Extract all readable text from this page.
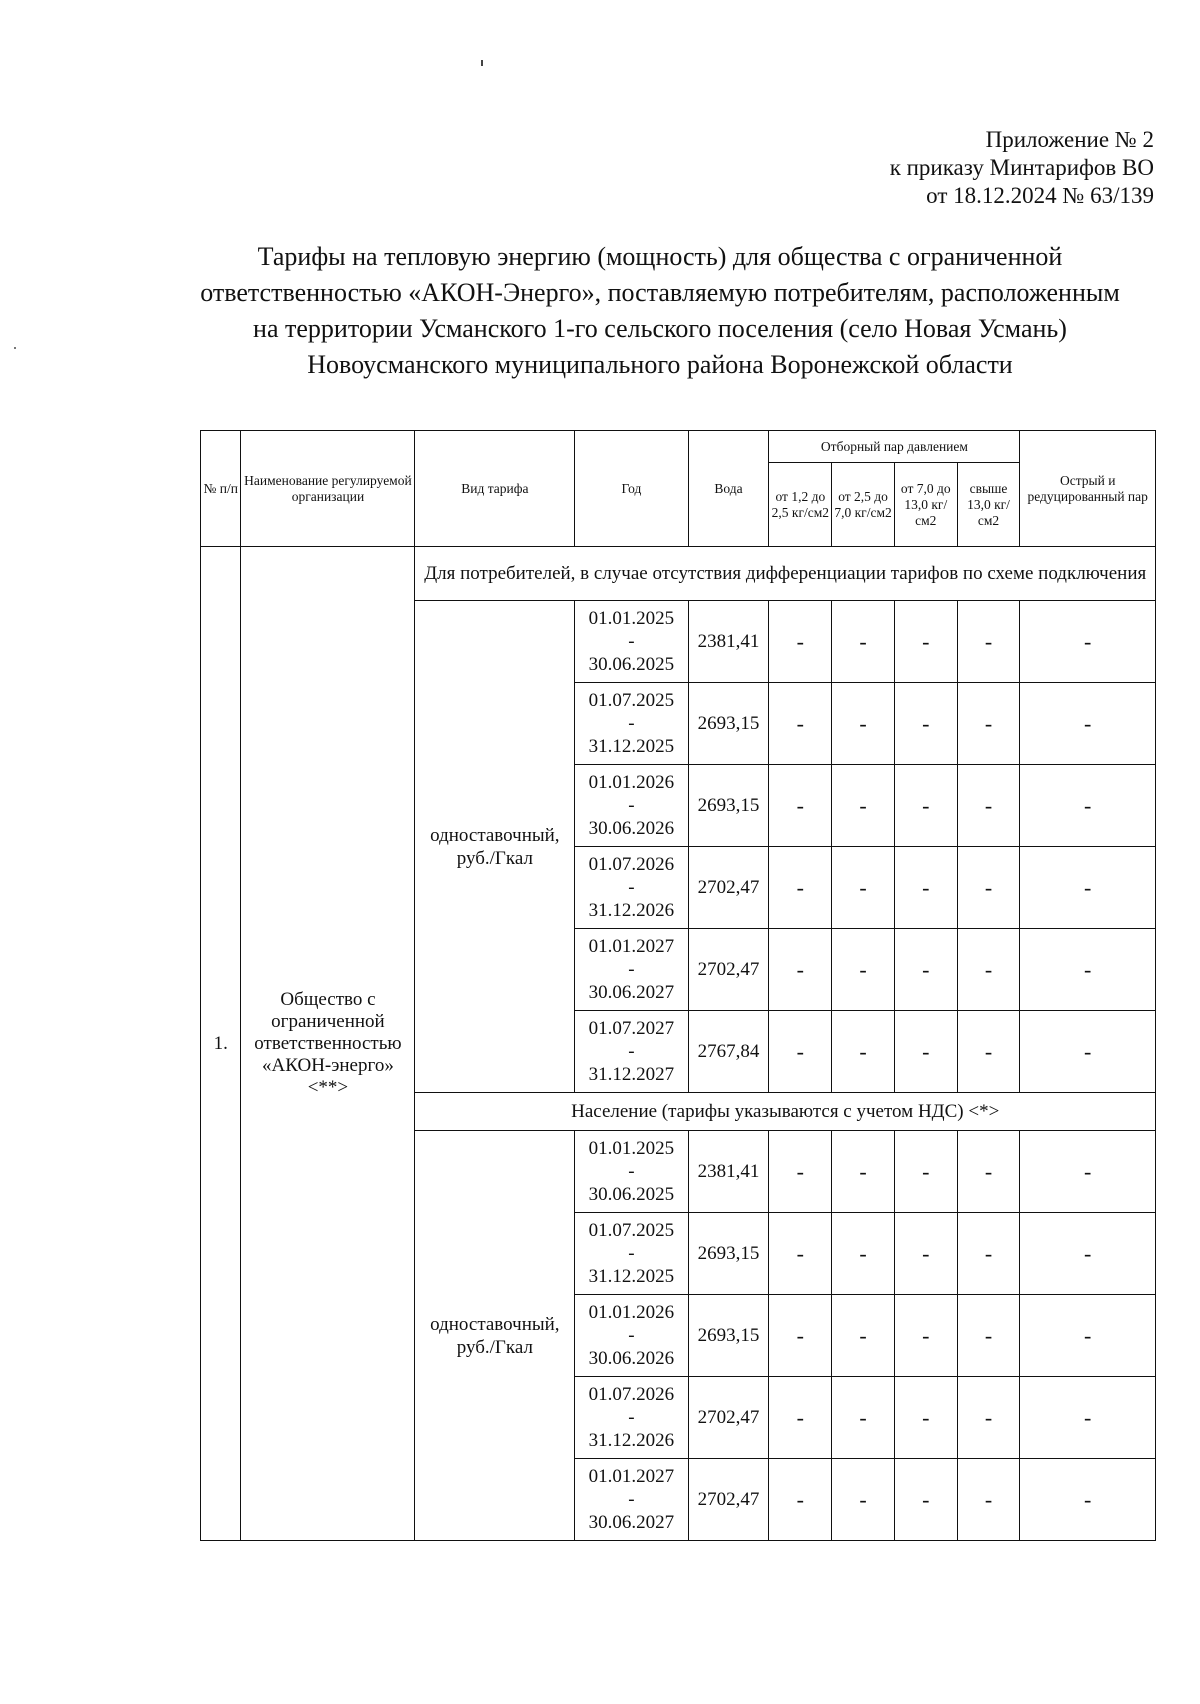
Приложение № 2
к приказу Минтарифов ВО
от 18.12.2024 № 63/139
Тарифы на тепловую энергию (мощность) для общества с ограниченной ответственностью «АКОН-Энерго», поставляемую потребителям, расположенным на территории Усманского 1-го сельского поселения (село Новая Усмань) Новоусманского муниципального района Воронежской области
№ п/п	Наименование регулируемой организации	Вид тарифа	Год	Вода	Отборный пар давлением				Острый и редуцированный пар
					от 1,2 до 2,5 кг/см2	от 2,5 до 7,0 кг/см2	от 7,0 до 13,0 кг/см2	свыше 13,0 кг/см2	
1.	Общество с ограниченной ответственностью «АКОН-энерго» <**>	Для потребителей, в случае отсутствия дифференциации тарифов по схеме подключения							
		одноставочный, руб./Гкал	01.01.2025
-
30.06.2025	2381,41	-	-	-	-	-

			01.07.2025
-
31.12.2025	2693,15	-	-	-	-	-

			01.01.2026
-
30.06.2026	2693,15	-	-	-	-	-

			01.07.2026
-
31.12.2026	2702,47	-	-	-	-	-

			01.01.2027
-
30.06.2027	2702,47	-	-	-	-	-

			01.07.2027
-
31.12.2027	2767,84	-	-	-	-	-
		Население (тарифы указываются с учетом НДС) <*>							
		одноставочный, руб./Гкал	01.01.2025
-
30.06.2025	2381,41	-	-	-	-	-

			01.07.2025
-
31.12.2025	2693,15	-	-	-	-	-

			01.01.2026
-
30.06.2026	2693,15	-	-	-	-	-

			01.07.2026
-
31.12.2026	2702,47	-	-	-	-	-

			01.01.2027
-
30.06.2027	2702,47	-	-	-	-	-
